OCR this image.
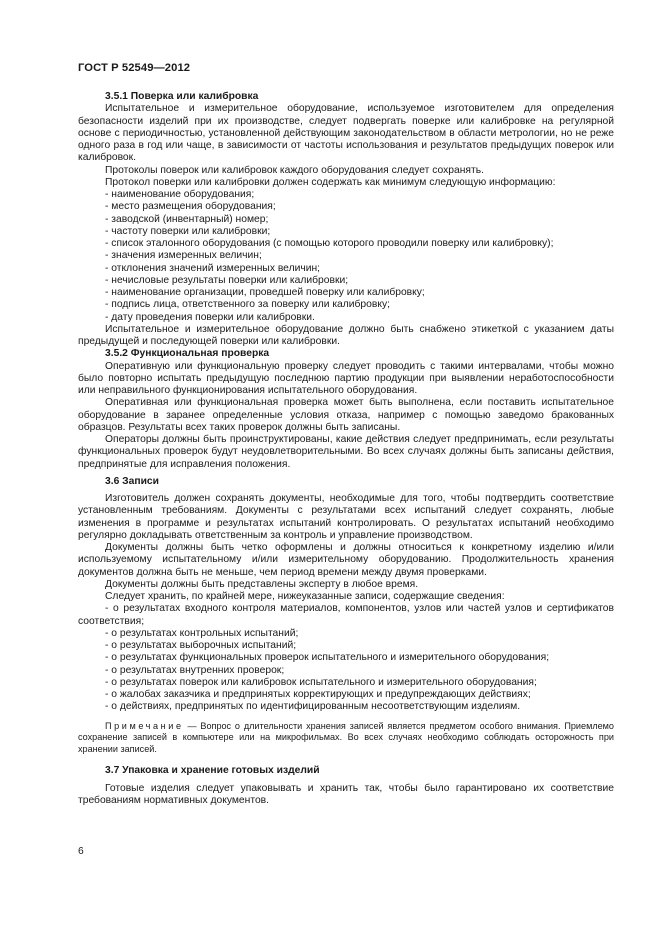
ГОСТ Р 52549—2012

3.5.1 Поверка или калибровка

Испытательное и измерительное оборудование, используемое изготовителем для определения безопасности изделий при их производстве, следует подвергать поверке или калибровке на регулярной основе с периодичностью, установленной действующим законодательством в области метрологии, но не реже одного раза в год или чаще, в зависимости от частоты использования и результатов предыдущих поверок или калибровок.

Протоколы поверок или калибровок каждого оборудования следует сохранять.

Протокол поверки или калибровки должен содержать как минимум следующую информацию:

- наименование оборудования;

- место размещения оборудования;

- заводской (инвентарный) номер;

- частоту поверки или калибровки;

- список эталонного оборудования (с помощью которого проводили поверку или калибровку);

- значения измеренных величин;

- отклонения значений измеренных величин;

- нечисловые результаты поверки или калибровки;

- наименование организации, проведшей поверку или калибровку;

- подпись лица, ответственного за поверку или калибровку;

- дату проведения поверки или калибровки.

Испытательное и измерительное оборудование должно быть снабжено этикеткой с указанием даты предыдущей и последующей поверки или калибровки.

3.5.2 Функциональная проверка

Оперативную или функциональную проверку следует проводить с такими интервалами, чтобы можно было повторно испытать предыдущую последнюю партию продукции при выявлении неработоспособности или неправильного функционирования испытательного оборудования.

Оперативная или функциональная проверка может быть выполнена, если поставить испытательное оборудование в заранее определенные условия отказа, например с помощью заведомо бракованных образцов. Результаты всех таких проверок должны быть записаны.

Операторы должны быть проинструктированы, какие действия следует предпринимать, если результаты функциональных проверок будут неудовлетворительными. Во всех случаях должны быть записаны действия, предпринятые для исправления положения.

3.6 Записи

Изготовитель должен сохранять документы, необходимые для того, чтобы подтвердить соответствие установленным требованиям. Документы с результатами всех испытаний следует сохранять, любые изменения в программе и результатах испытаний контролировать. О результатах испытаний необходимо регулярно докладывать ответственным за контроль и управление производством.

Документы должны быть четко оформлены и должны относиться к конкретному изделию и/или используемому испытательному и/или измерительному оборудованию. Продолжительность хранения документов должна быть не меньше, чем период времени между двумя проверками.

Документы должны быть представлены эксперту в любое время.

Следует хранить, по крайней мере, нижеуказанные записи, содержащие сведения:

- о результатах входного контроля материалов, компонентов, узлов или частей узлов и сертификатов соответствия;

- о результатах контрольных испытаний;

- о результатах выборочных испытаний;

- о результатах функциональных проверок испытательного и измерительного оборудования;

- о результатах внутренних проверок;

- о результатах поверок или калибровок испытательного и измерительного оборудования;

- о жалобах заказчика и предпринятых корректирующих и предупреждающих действиях;

- о действиях, предпринятых по идентифицированным несоответствующим изделиям.

Примечание — Вопрос о длительности хранения записей является предметом особого внимания. Приемлемо сохранение записей в компьютере или на микрофильмах. Во всех случаях необходимо соблюдать осторожность при хранении записей.

3.7 Упаковка и хранение готовых изделий

Готовые изделия следует упаковывать и хранить так, чтобы было гарантировано их соответствие требованиям нормативных документов.

6
